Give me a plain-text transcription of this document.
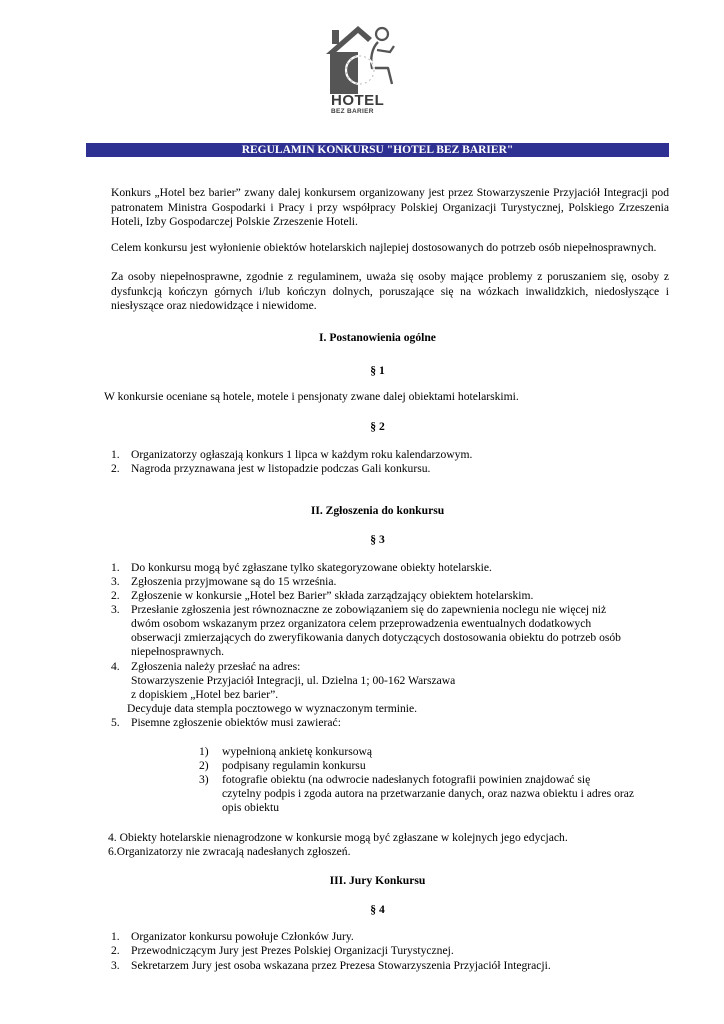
HOTEL
BEZ BARIER
REGULAMIN KONKURSU "HOTEL BEZ BARIER"
Konkurs „Hotel bez barier” zwany dalej konkursem organizowany jest przez Stowarzyszenie Przyjaciół Integracji pod patronatem Ministra Gospodarki i Pracy i przy współpracy Polskiej Organizacji Turystycznej, Polskiego Zrzeszenia Hoteli, Izby Gospodarczej Polskie Zrzeszenie Hoteli.
Celem konkursu jest wyłonienie obiektów hotelarskich najlepiej dostosowanych do potrzeb osób niepełnosprawnych.
Za osoby niepełnosprawne, zgodnie z regulaminem, uważa się osoby mające problemy z poruszaniem się, osoby z dysfunkcją kończyn górnych i/lub kończyn dolnych, poruszające się na wózkach inwalidzkich, niedosłyszące i niesłyszące oraz niedowidzące i niewidome.
I. Postanowienia ogólne
§ 1
W konkursie oceniane są hotele, motele i pensjonaty zwane dalej obiektami hotelarskimi.
§ 2
1. Organizatorzy ogłaszają konkurs 1 lipca w każdym roku kalendarzowym.
2. Nagroda przyznawana jest w listopadzie podczas Gali konkursu.
II. Zgłoszenia do konkursu
§ 3
1. Do konkursu mogą być zgłaszane tylko skategoryzowane obiekty hotelarskie.
3. Zgłoszenia przyjmowane są do 15 września.
2. Zgłoszenie w konkursie „Hotel bez Barier” składa zarządzający obiektem hotelarskim.
3. Przesłanie zgłoszenia jest równoznaczne ze zobowiązaniem się do zapewnienia noclegu nie więcej niż
dwóm osobom wskazanym przez organizatora celem przeprowadzenia ewentualnych dodatkowych
obserwacji zmierzających do zweryfikowania danych dotyczących dostosowania obiektu do potrzeb osób
niepełnosprawnych.
4. Zgłoszenia należy przesłać na adres:
Stowarzyszenie Przyjaciół Integracji, ul. Dzielna 1; 00-162 Warszawa
z dopiskiem „Hotel bez barier”.
Decyduje data stempla pocztowego w wyznaczonym terminie.
5. Pisemne zgłoszenie obiektów musi zawierać:
1) wypełnioną ankietę konkursową
2) podpisany regulamin konkursu
3) fotografie obiektu (na odwrocie nadesłanych fotografii powinien znajdować się
czytelny podpis i zgoda autora na przetwarzanie danych, oraz nazwa obiektu i adres oraz
opis obiektu
4. Obiekty hotelarskie nienagrodzone w konkursie mogą być zgłaszane w kolejnych jego edycjach.
6.Organizatorzy nie zwracają nadesłanych zgłoszeń.
III. Jury Konkursu
§ 4
1. Organizator konkursu powołuje Członków Jury.
2. Przewodniczącym Jury jest Prezes Polskiej Organizacji Turystycznej.
3. Sekretarzem Jury jest osoba wskazana przez Prezesa Stowarzyszenia Przyjaciół Integracji.
